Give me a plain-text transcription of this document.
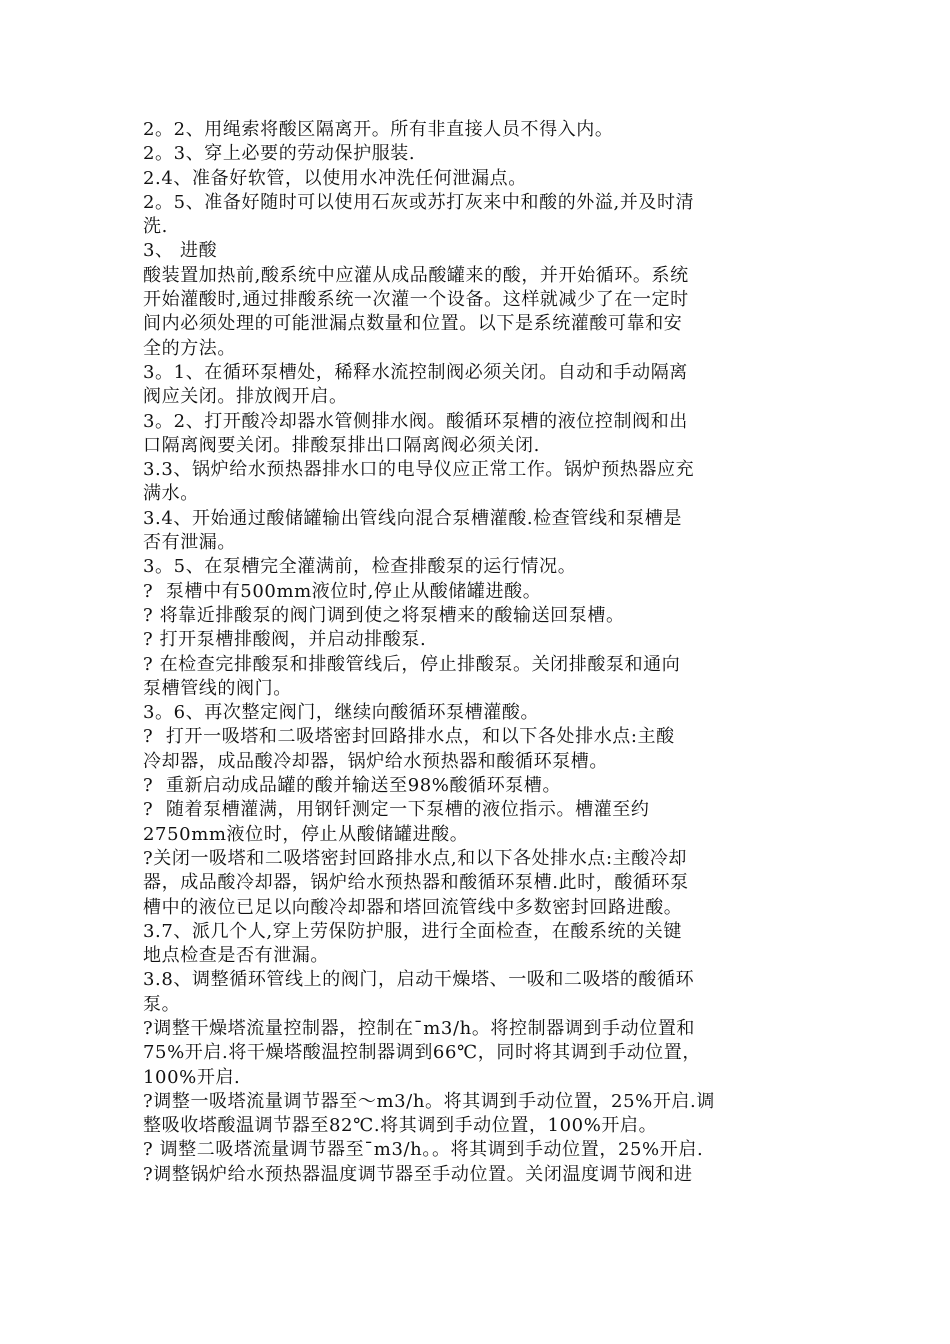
2。2、用绳索将酸区隔离开。所有非直接人员不得入内。
2。3、穿上必要的劳动保护服装.
2.4、准备好软管，以使用水冲洗任何泄漏点。
2。5、准备好随时可以使用石灰或苏打灰来中和酸的外溢,并及时清
洗.
3、 进酸
酸装置加热前,酸系统中应灌从成品酸罐来的酸，并开始循环。系统
开始灌酸时,通过排酸系统一次灌一个设备。这样就减少了在一定时
间内必须处理的可能泄漏点数量和位置。以下是系统灌酸可靠和安
全的方法。
3。1、在循环泵槽处，稀释水流控制阀必须关闭。自动和手动隔离
阀应关闭。排放阀开启。
3。2、打开酸冷却器水管侧排水阀。酸循环泵槽的液位控制阀和出
口隔离阀要关闭。排酸泵排出口隔离阀必须关闭.
3.3、锅炉给水预热器排水口的电导仪应正常工作。锅炉预热器应充
满水。
3.4、开始通过酸储罐输出管线向混合泵槽灌酸.检查管线和泵槽是
否有泄漏。
3。5、在泵槽完全灌满前，检查排酸泵的运行情况。
?  泵槽中有500mm液位时,停止从酸储罐进酸。
? 将靠近排酸泵的阀门调到使之将泵槽来的酸输送回泵槽。
? 打开泵槽排酸阀，并启动排酸泵.
? 在检查完排酸泵和排酸管线后，停止排酸泵。关闭排酸泵和通向
泵槽管线的阀门。
3。6、再次整定阀门，继续向酸循环泵槽灌酸。
?  打开一吸塔和二吸塔密封回路排水点，和以下各处排水点:主酸
冷却器，成品酸冷却器，锅炉给水预热器和酸循环泵槽。
?  重新启动成品罐的酸并输送至98%酸循环泵槽。
?  随着泵槽灌满，用钢钎测定一下泵槽的液位指示。槽灌至约
2750mm液位时，停止从酸储罐进酸。
?关闭一吸塔和二吸塔密封回路排水点,和以下各处排水点:主酸冷却
器，成品酸冷却器，锅炉给水预热器和酸循环泵槽.此时，酸循环泵
槽中的液位已足以向酸冷却器和塔回流管线中多数密封回路进酸。
3.7、派几个人,穿上劳保防护服，进行全面检查，在酸系统的关键
地点检查是否有泄漏。
3.8、调整循环管线上的阀门，启动干燥塔、一吸和二吸塔的酸循环
泵。
?调整干燥塔流量控制器，控制在¯m3/h。将控制器调到手动位置和
75%开启.将干燥塔酸温控制器调到66℃，同时将其调到手动位置，
100%开启.
?调整一吸塔流量调节器至～m3/h。将其调到手动位置，25%开启.调
整吸收塔酸温调节器至82℃.将其调到手动位置，100%开启。
? 调整二吸塔流量调节器至¯m3/h。。将其调到手动位置，25%开启.
?调整锅炉给水预热器温度调节器至手动位置。关闭温度调节阀和进
